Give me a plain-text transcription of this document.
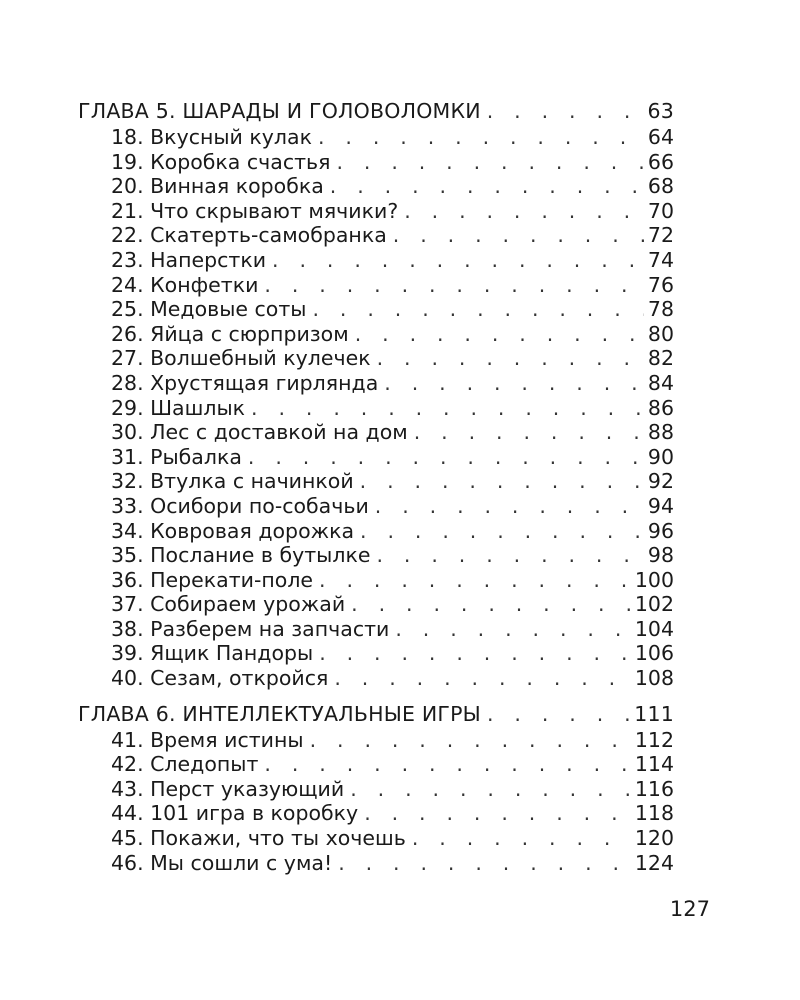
ГЛАВА 5. ШАРАДЫ И ГОЛОВОЛОМКИ . . .	63
18. Вкусный кулак . . .	64
19. Коробка счастья . . .	66
20. Винная коробка . . .	68
21. Что скрывают мячики? . . .	70
22. Скатерть-самобранка . . .	72
23. Наперстки . . .	74
24. Конфетки . . .	76
25. Медовые соты . . .	78
26. Яйца с сюрпризом . . .	80
27. Волшебный кулечек . . .	82
28. Хрустящая гирлянда . . .	84
29. Шашлык . . .	86
30. Лес с доставкой на дом . . .	88
31. Рыбалка . . .	90
32. Втулка с начинкой . . .	92
33. Осибори по-собачьи . . .	94
34. Ковровая дорожка . . .	96
35. Послание в бутылке . . .	98
36. Перекати-поле . . .	100
37. Собираем урожай . . .	102
38. Разберем на запчасти . . .	104
39. Ящик Пандоры . . .	106
40. Сезам, откройся . . .	108
ГЛАВА 6. ИНТЕЛЛЕКТУАЛЬНЫЕ ИГРЫ . . .	111
41. Время истины . . .	112
42. Следопыт . . .	114
43. Перст указующий . . .	116
44. 101 игра в коробку . . .	118
45. Покажи, что ты хочешь . . .	120
46. Мы сошли с ума! . . .	124
127
